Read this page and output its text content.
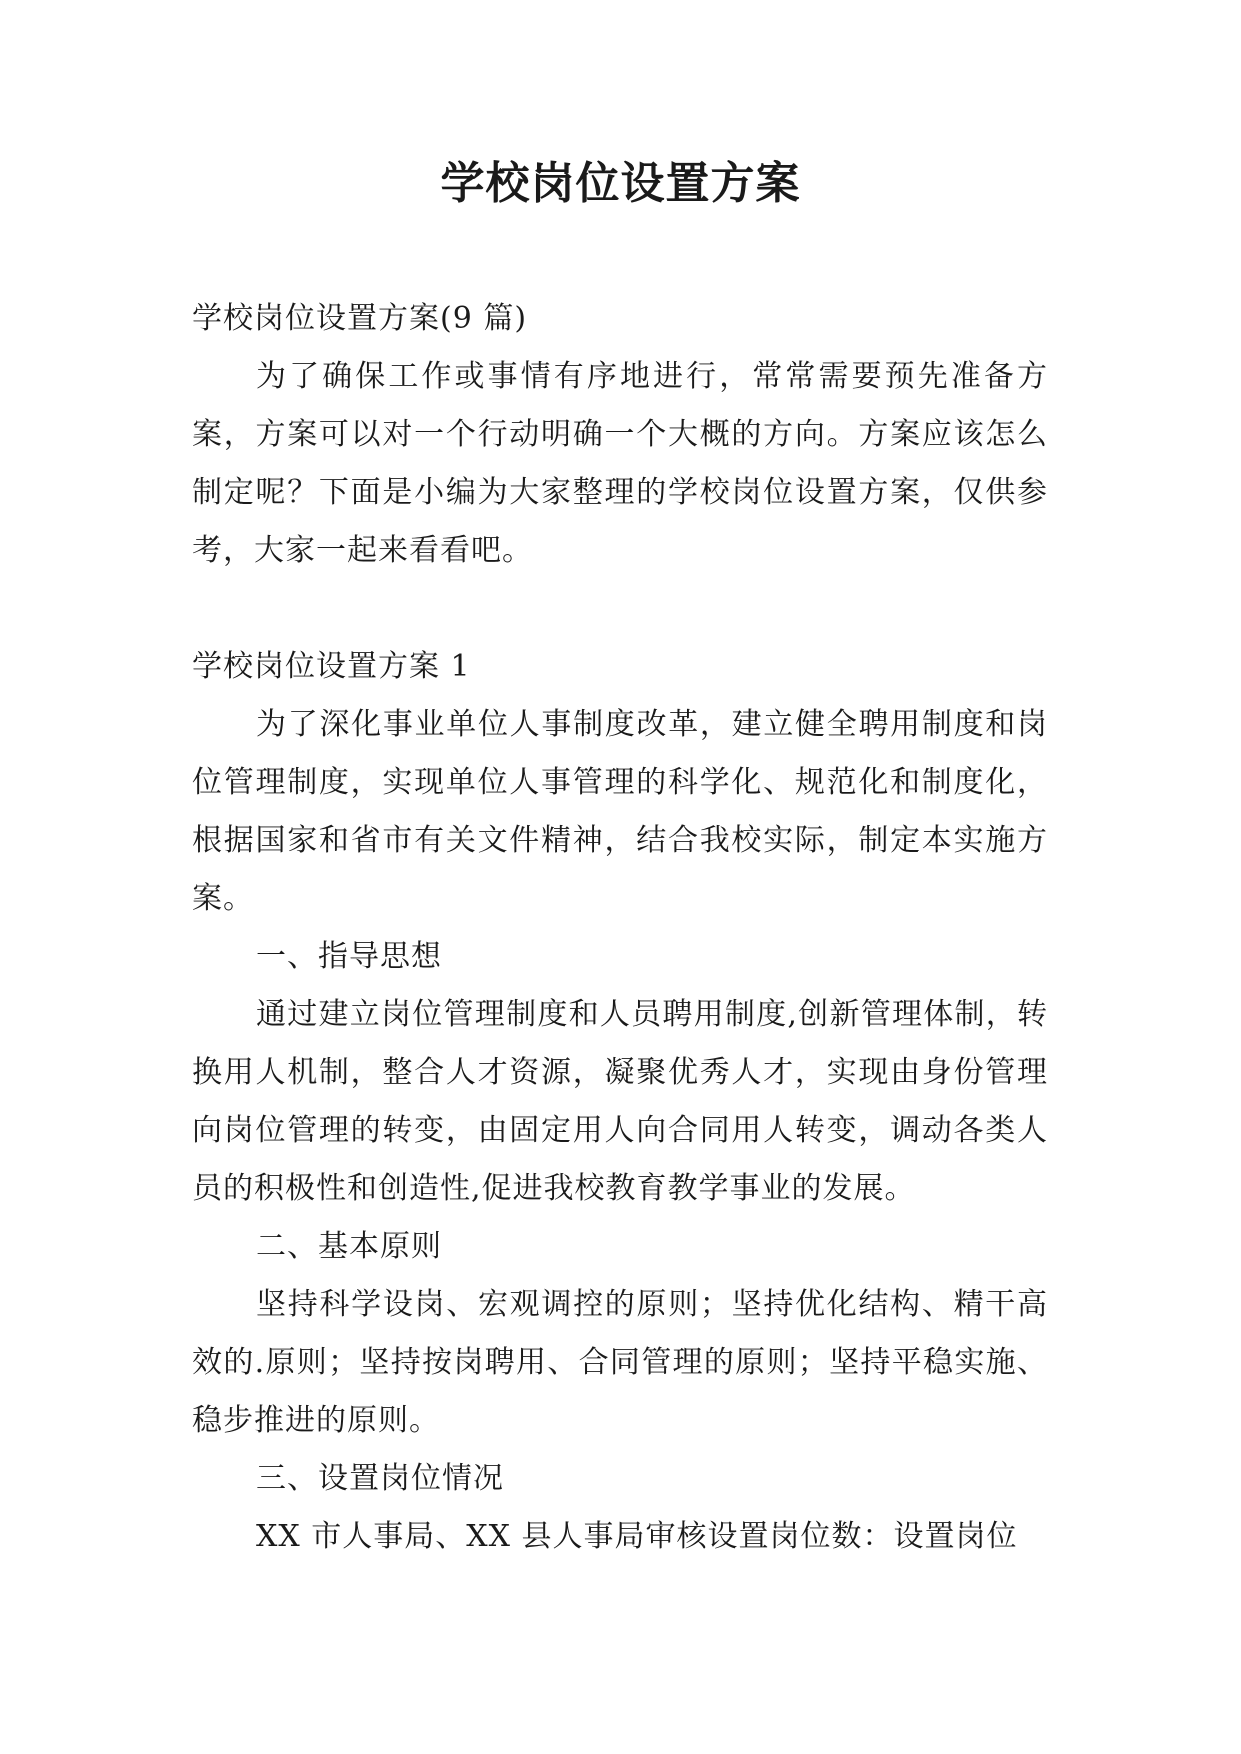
学校岗位设置方案

学校岗位设置方案(9 篇)

为了确保工作或事情有序地进行，常常需要预先准备方案，方案可以对一个行动明确一个大概的方向。方案应该怎么制定呢？下面是小编为大家整理的学校岗位设置方案，仅供参考，大家一起来看看吧。

学校岗位设置方案 1

为了深化事业单位人事制度改革，建立健全聘用制度和岗位管理制度，实现单位人事管理的科学化、规范化和制度化，根据国家和省市有关文件精神，结合我校实际，制定本实施方案。

一、指导思想

通过建立岗位管理制度和人员聘用制度,创新管理体制，转换用人机制，整合人才资源，凝聚优秀人才，实现由身份管理向岗位管理的转变，由固定用人向合同用人转变，调动各类人员的积极性和创造性,促进我校教育教学事业的发展。

二、基本原则

坚持科学设岗、宏观调控的原则；坚持优化结构、精干高效的.原则；坚持按岗聘用、合同管理的原则；坚持平稳实施、稳步推进的原则。

三、设置岗位情况

XX 市人事局、XX 县人事局审核设置岗位数：设置岗位
